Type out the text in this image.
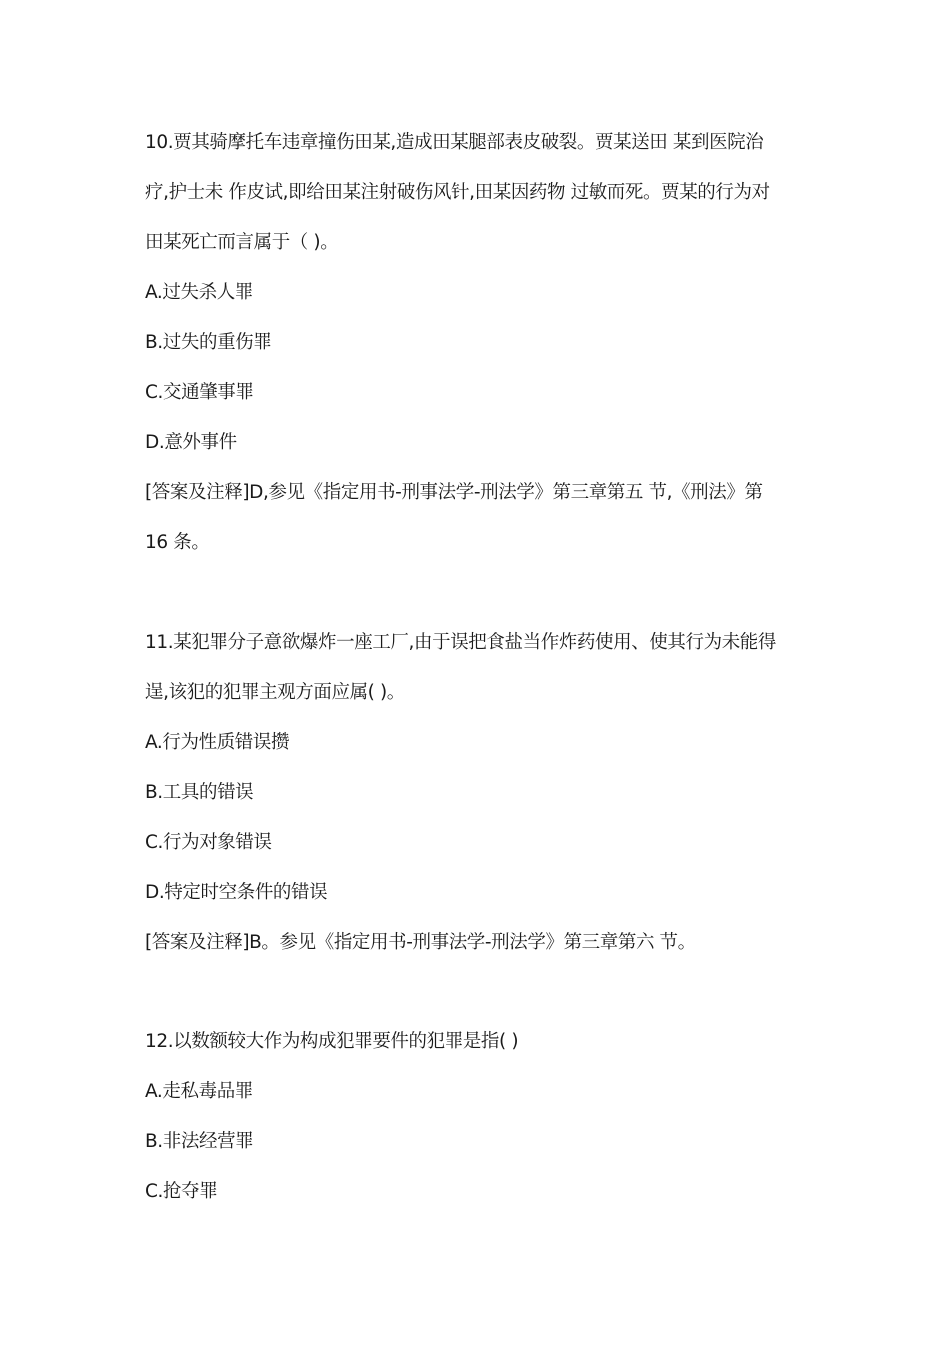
10.贾其骑摩托车违章撞伤田某,造成田某腿部表皮破裂。贾某送田 某到医院治
疗,护士未 作皮试,即给田某注射破伤风针,田某因药物 过敏而死。贾某的行为对
田某死亡而言属于（ )。
A.过失杀人罪
B.过失的重伤罪
C.交通肇事罪
D.意外事件
[答案及注释]D,参见《指定用书-刑事法学-刑法学》第三章第五 节,《刑法》第
16 条。
11.某犯罪分子意欲爆炸一座工厂,由于误把食盐当作炸药使用、使其行为未能得
逞,该犯的犯罪主观方面应属( )。
A.行为性质错误攒
B.工具的错误
C.行为对象错误
D.特定时空条件的错误
[答案及注释]B。参见《指定用书-刑事法学-刑法学》第三章第六 节。
12.以数额较大作为构成犯罪要件的犯罪是指( )
A.走私毒品罪
B.非法经营罪
C.抢夺罪
